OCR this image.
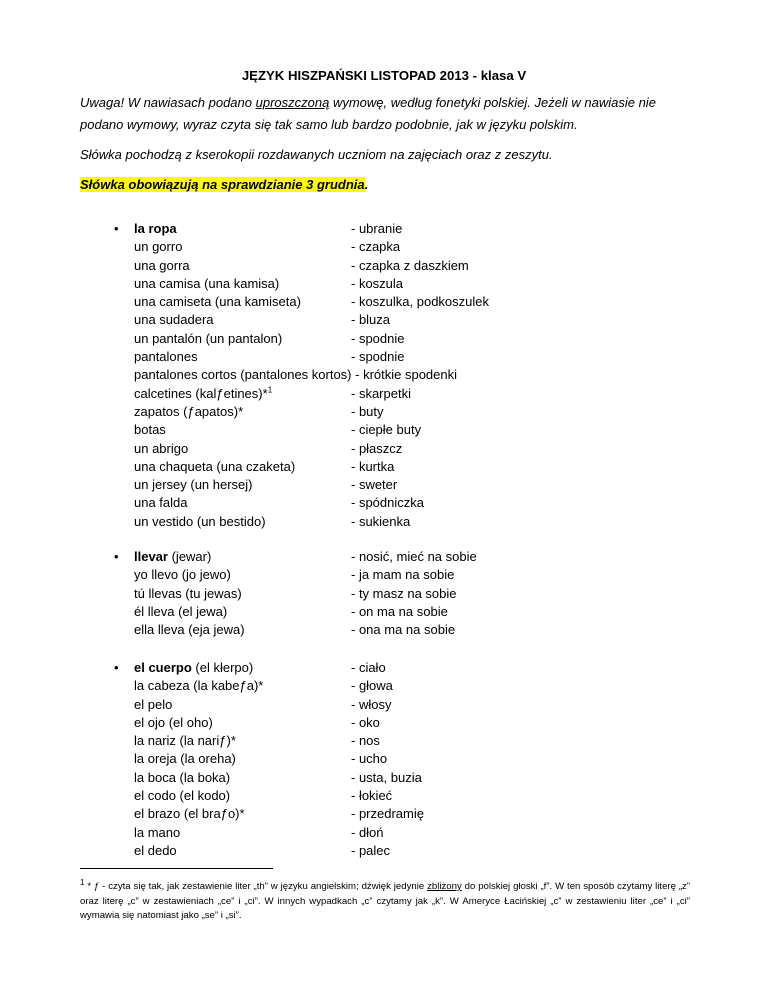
JĘZYK HISZPAŃSKI LISTOPAD 2013 - klasa V
Uwaga! W nawiasach podano uproszczoną wymowę, według fonetyki polskiej. Jeżeli w nawiasie nie podano wymowy, wyraz czyta się tak samo lub bardzo podobnie, jak w języku polskim.
Słówka pochodzą z kserokopii rozdawanych uczniom na zajęciach oraz z zeszytu.
Słówka obowiązują na sprawdzianie 3 grudnia.
• la ropa	- ubranie
un gorro	- czapka
una gorra	- czapka z daszkiem
una camisa (una kamisa)	- koszula
una camiseta (una kamiseta)	- koszulka, podkoszulek
una sudadera	- bluza
un pantalón (un pantalon)	- spodnie
pantalones	- spodnie
pantalones cortos (pantalones kortos) - krótkie spodenki
calcetines (kalƒetines)*$^1$	- skarpetki
zapatos (ƒapatos)*	- buty
botas	- ciepłe buty
un abrigo	- płaszcz
una chaqueta (una czaketa)	- kurtka
un jersey (un hersej)	- sweter
una falda	- spódniczka
un vestido (un bestido)	- sukienka
• llevar (jewar)	- nosić, mieć na sobie
yo llevo (jo jewo)	- ja mam na sobie
tú llevas (tu jewas)	- ty masz na sobie
él lleva (el jewa)	- on ma na sobie
ella lleva (eja jewa)	- ona ma na sobie
• el cuerpo (el kłerpo)	- ciało
la cabeza (la kabeƒa)*	- głowa
el pelo	- włosy
el ojo (el oho)	- oko
la nariz (la nariƒ)*	- nos
la oreja (la oreha)	- ucho
la boca (la boka)	- usta, buzia
el codo (el kodo)	- łokieć
el brazo (el braƒo)*	- przedramię
la mano	- dłoń
el dedo	- palec
$^1$ * ƒ - czyta się tak, jak zestawienie liter „th” w języku angielskim; dźwięk jedynie zbliżony do polskiej głoski „f”. W ten sposób czytamy literę „z” oraz literę „c” w zestawieniach „ce” i „ci”. W innych wypadkach „c” czytamy jak „k”. W Ameryce Łacińskiej „c” w zestawieniu liter „ce” i „ci” wymawia się natomiast jako „se” i „si”.
